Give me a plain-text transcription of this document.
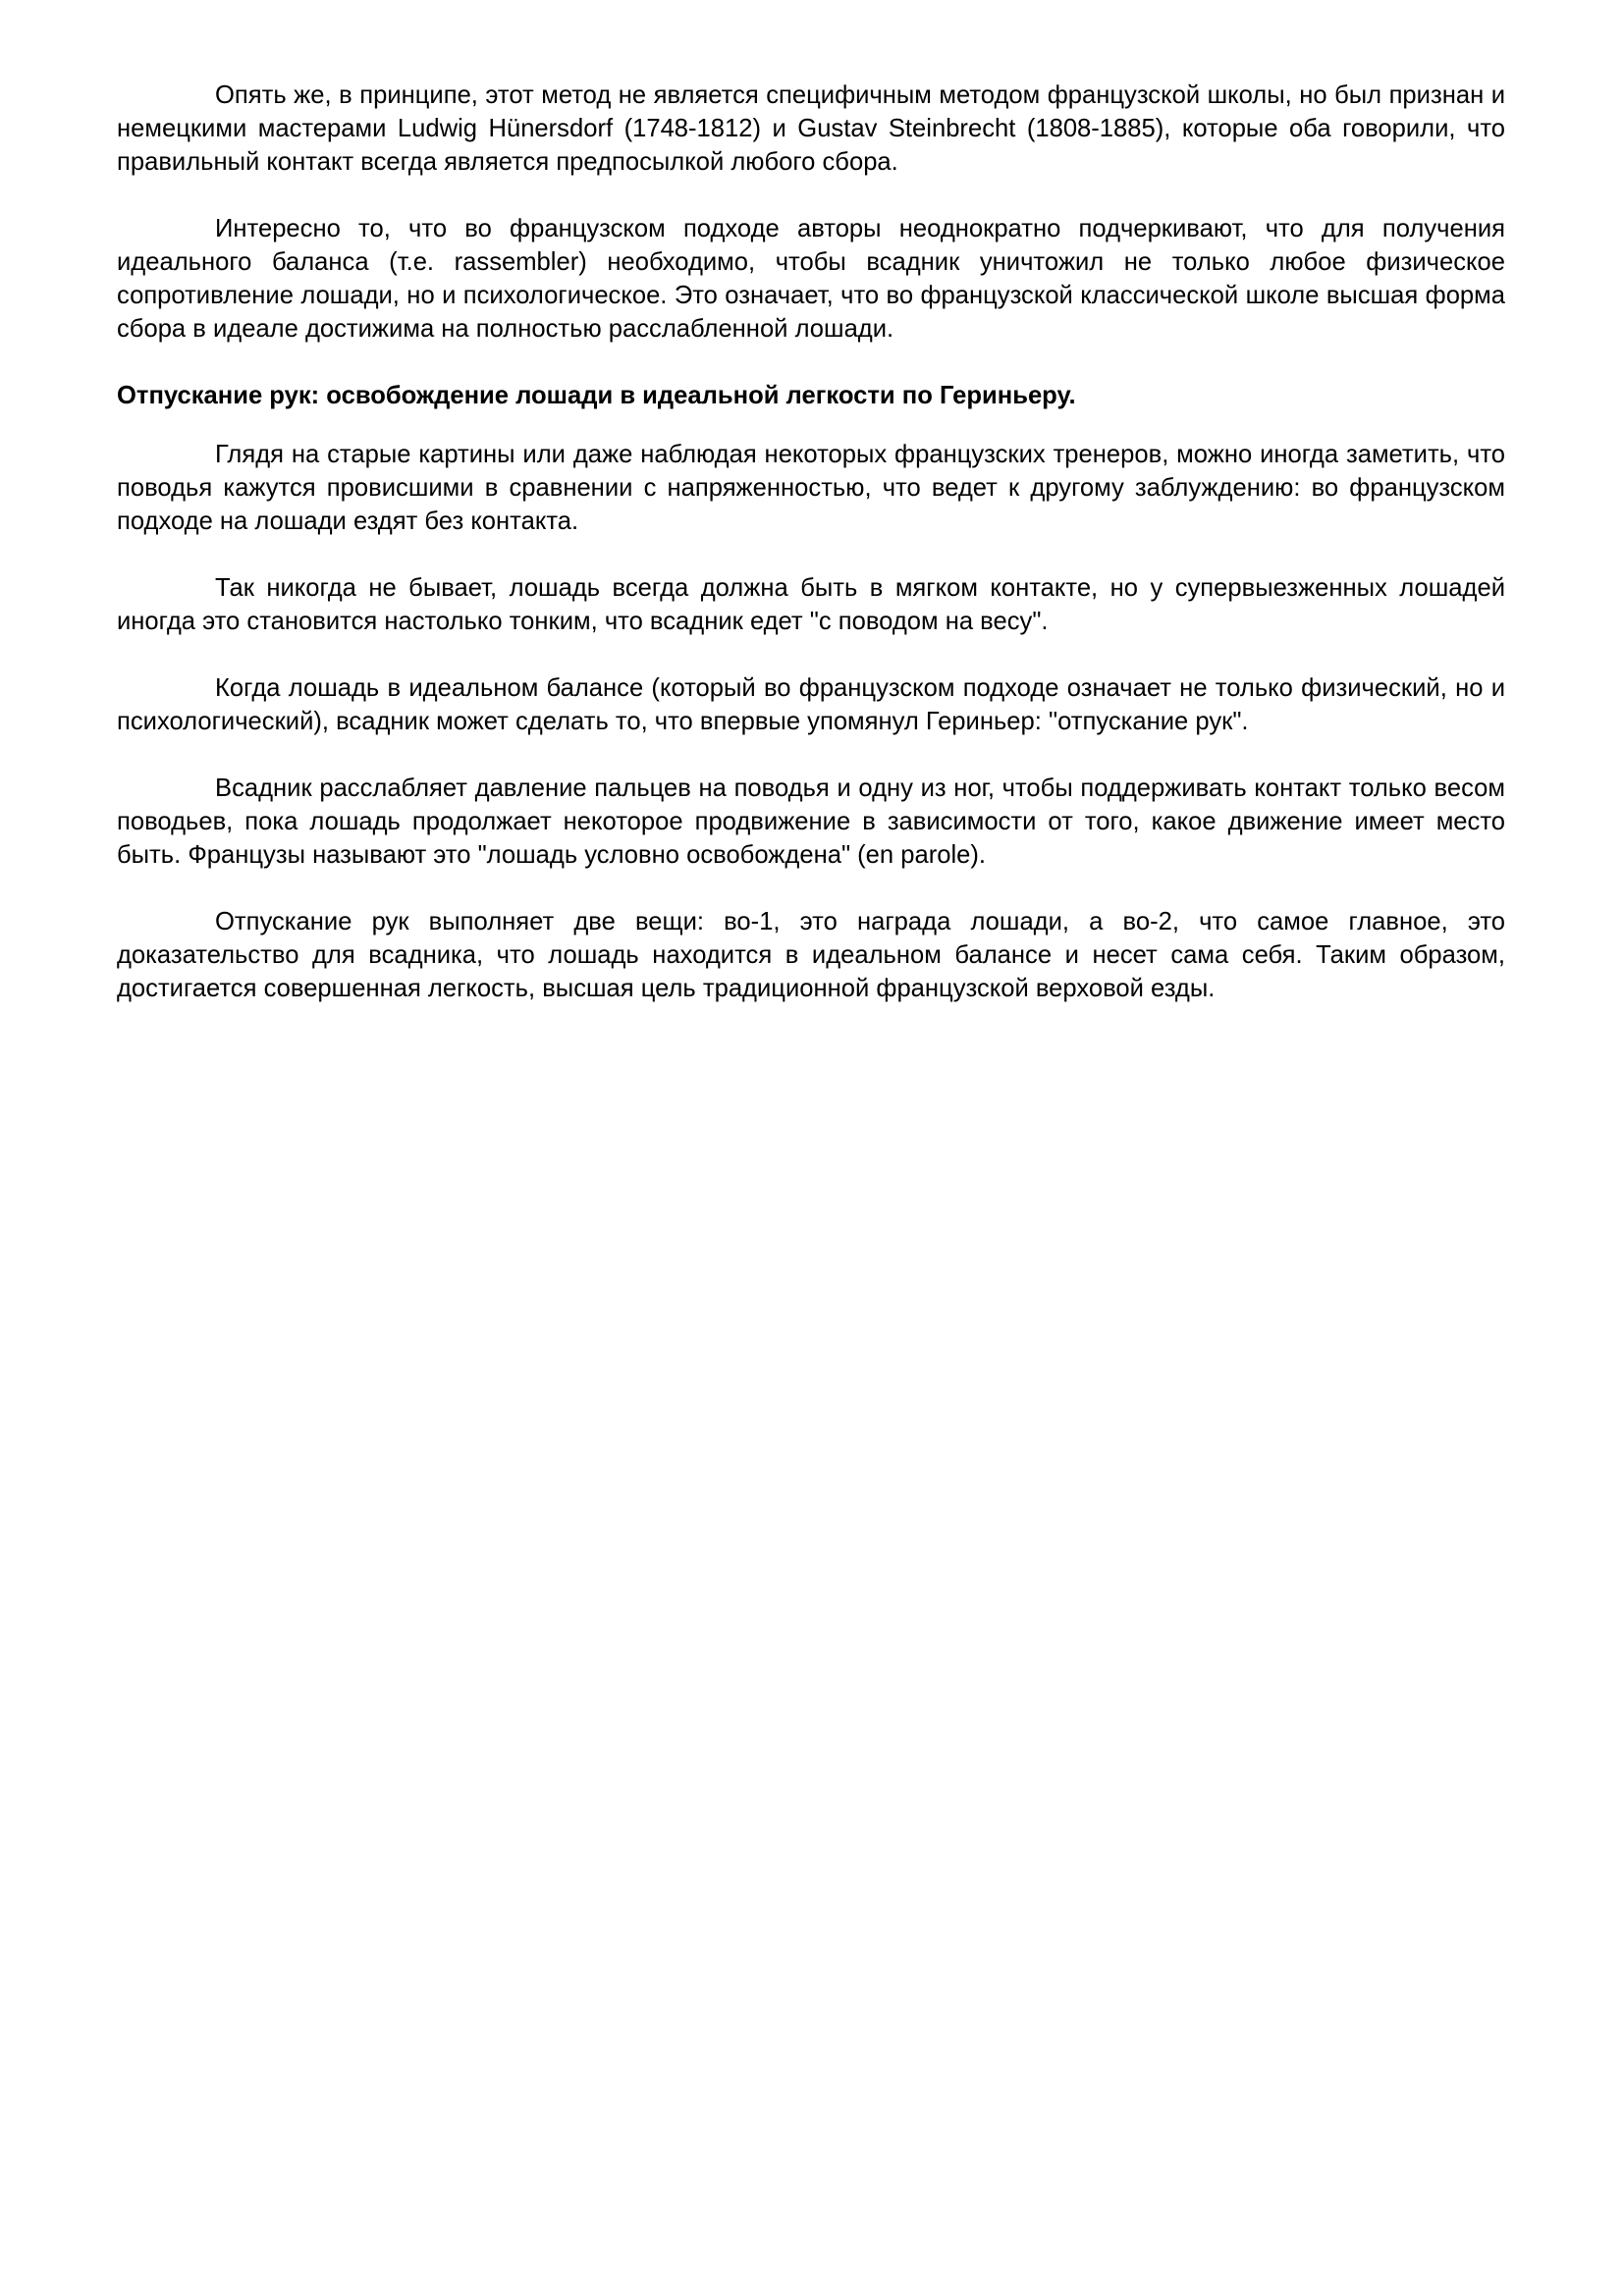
Опять же, в принципе, этот метод не является специфичным методом французской школы, но был признан и немецкими мастерами Ludwig Hünersdorf (1748-1812) и Gustav Steinbrecht (1808-1885), которые оба говорили, что правильный контакт всегда является предпосылкой любого сбора.

Интересно то, что во французском подходе авторы неоднократно подчеркивают, что для получения идеального баланса (т.е. rassembler) необходимо, чтобы всадник уничтожил не только любое физическое сопротивление лошади, но и психологическое. Это означает, что во французской классической школе высшая форма сбора в идеале достижима на полностью расслабленной лошади.

Отпускание рук: освобождение лошади в идеальной легкости по Гериньеру.

Глядя на старые картины или даже наблюдая некоторых французских тренеров, можно иногда заметить, что поводья кажутся провисшими в сравнении с напряженностью, что ведет к другому заблуждению: во французском подходе на лошади ездят без контакта.

Так никогда не бывает, лошадь всегда должна быть в мягком контакте, но у супервыезженных лошадей иногда это становится настолько тонким, что всадник едет "с поводом на весу".

Когда лошадь в идеальном балансе (который во французском подходе означает не только физический, но и психологический), всадник может сделать то, что впервые упомянул Гериньер: "отпускание рук".

Всадник расслабляет давление пальцев на поводья и одну из ног, чтобы поддерживать контакт только весом поводьев, пока лошадь продолжает некоторое продвижение в зависимости от того, какое движение имеет место быть. Французы называют это "лошадь условно освобождена" (en parole).

Отпускание рук выполняет две вещи: во-1, это награда лошади, а во-2, что самое главное, это доказательство для всадника, что лошадь находится в идеальном балансе и несет сама себя. Таким образом, достигается совершенная легкость, высшая цель традиционной французской верховой езды.
